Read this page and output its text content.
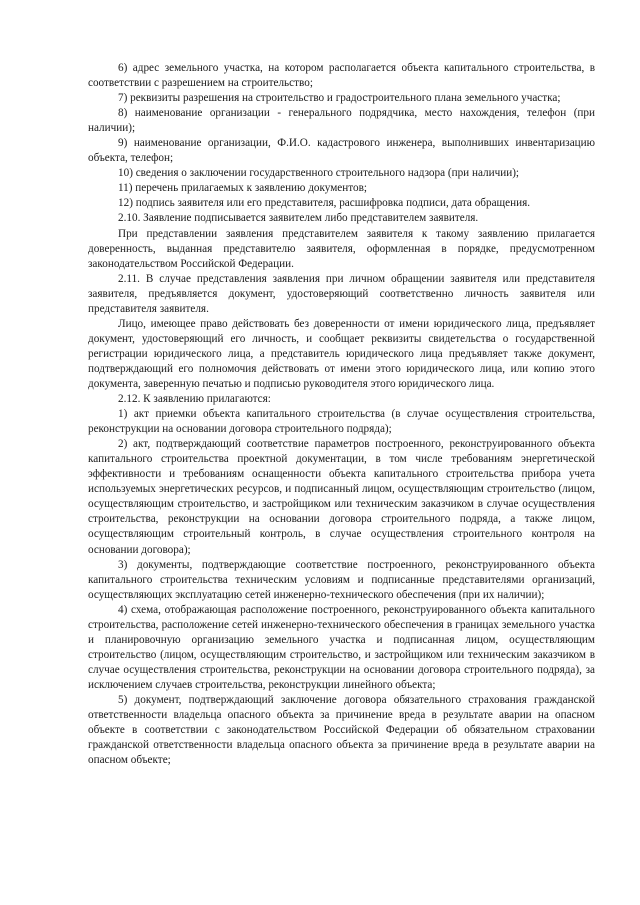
6) адрес земельного участка, на котором располагается объекта капитального строительства, в соответствии с разрешением на строительство;

7) реквизиты разрешения на строительство и градостроительного плана земельного участка;

8) наименование организации - генерального подрядчика, место нахождения, телефон (при наличии);

9) наименование организации, Ф.И.О. кадастрового инженера, выполнивших инвентаризацию объекта, телефон;

10) сведения о заключении государственного строительного надзора (при наличии);

11) перечень прилагаемых к заявлению документов;

12) подпись заявителя или его представителя, расшифровка подписи, дата обращения.

2.10. Заявление подписывается заявителем либо представителем заявителя.

При представлении заявления представителем заявителя к такому заявлению прилагается доверенность, выданная представителю заявителя, оформленная в порядке, предусмотренном законодательством Российской Федерации.

2.11. В случае представления заявления при личном обращении заявителя или представителя заявителя, предъявляется документ, удостоверяющий соответственно личность заявителя или представителя заявителя.

Лицо, имеющее право действовать без доверенности от имени юридического лица, предъявляет документ, удостоверяющий его личность, и сообщает реквизиты свидетельства о государственной регистрации юридического лица, а представитель юридического лица предъявляет также документ, подтверждающий его полномочия действовать от имени этого юридического лица, или копию этого документа, заверенную печатью и подписью руководителя этого юридического лица.

2.12. К заявлению прилагаются:

1) акт приемки объекта капитального строительства (в случае осуществления строительства, реконструкции на основании договора строительного подряда);

2) акт, подтверждающий соответствие параметров построенного, реконструированного объекта капитального строительства проектной документации, в том числе требованиям энергетической эффективности и требованиям оснащенности объекта капитального строительства прибора учета используемых энергетических ресурсов, и подписанный лицом, осуществляющим строительство (лицом, осуществляющим строительство, и застройщиком или техническим заказчиком в случае осуществления строительства, реконструкции на основании договора строительного подряда, а также лицом, осуществляющим строительный контроль, в случае осуществления строительного контроля на основании договора);

3) документы, подтверждающие соответствие построенного, реконструированного объекта капитального строительства техническим условиям и подписанные представителями организаций, осуществляющих эксплуатацию сетей инженерно-технического обеспечения (при их наличии);

4) схема, отображающая расположение построенного, реконструированного объекта капитального строительства, расположение сетей инженерно-технического обеспечения в границах земельного участка и планировочную организацию земельного участка и подписанная лицом, осуществляющим строительство (лицом, осуществляющим строительство, и застройщиком или техническим заказчиком в случае осуществления строительства, реконструкции на основании договора строительного подряда), за исключением случаев строительства, реконструкции линейного объекта;

5) документ, подтверждающий заключение договора обязательного страхования гражданской ответственности владельца опасного объекта за причинение вреда в результате аварии на опасном объекте в соответствии с законодательством Российской Федерации об обязательном страховании гражданской ответственности владельца опасного объекта за причинение вреда в результате аварии на опасном объекте;
